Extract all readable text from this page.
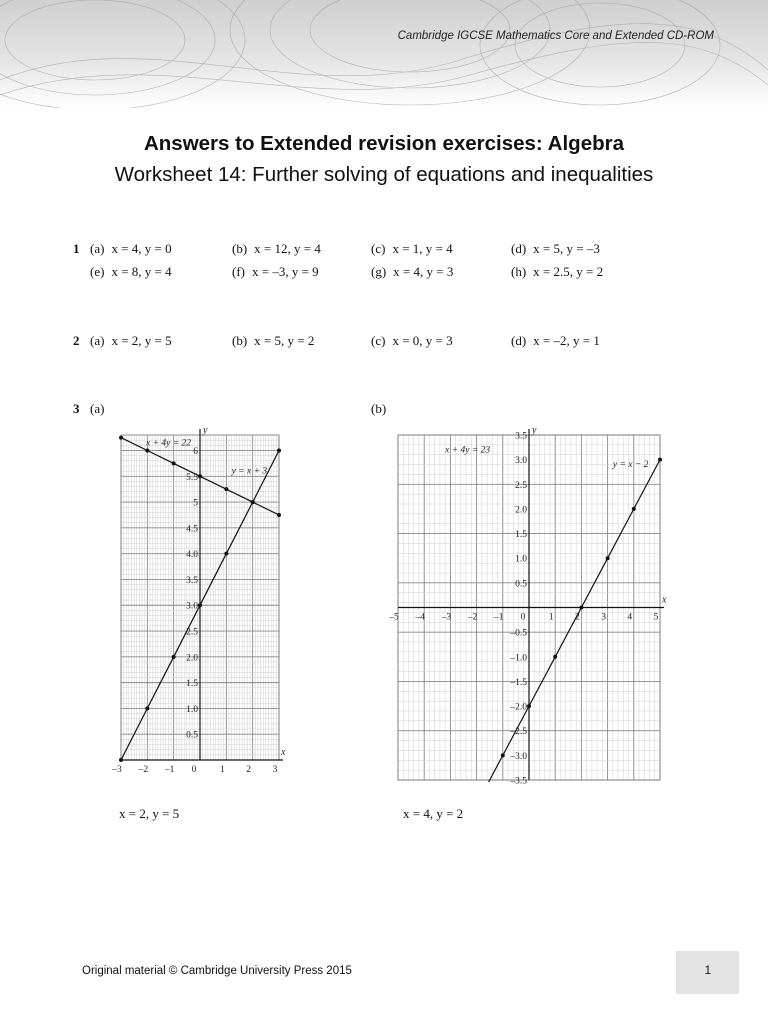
Cambridge IGCSE Mathematics Core and Extended CD-ROM
Answers to Extended revision exercises: Algebra
Worksheet 14: Further solving of equations and inequalities
1 (a) x = 4, y = 0	(b) x = 12, y = 4	(c) x = 1, y = 4	(d) x = 5, y = –3
(e) x = 8, y = 4	(f) x = –3, y = 9	(g) x = 4, y = 3	(h) x = 2.5, y = 2
2 (a) x = 2, y = 5	(b) x = 5, y = 2	(c) x = 0, y = 3	(d) x = –2, y = 1
3 (a)	(b)
x
y
–3 –2 –1 0 1 2 3
0.5
1.0
1.5
2.0
2.5
3.0
3.5
4.0
4.5
5
5.5
6
x + 4y = 22
y = x + 3
x
y
–5 –4 –3 –2 –1 0 1 2 3 4 5
–3.5
–3.0
–2.5
–2.0
–1.5
–1.0
–0.5
0.5
1.0
1.5
2.0
2.5
3.0
3.5
x + 4y = 23
y = x − 2
x = 2, y = 5	x = 4, y = 2
Original material © Cambridge University Press 2015	1
